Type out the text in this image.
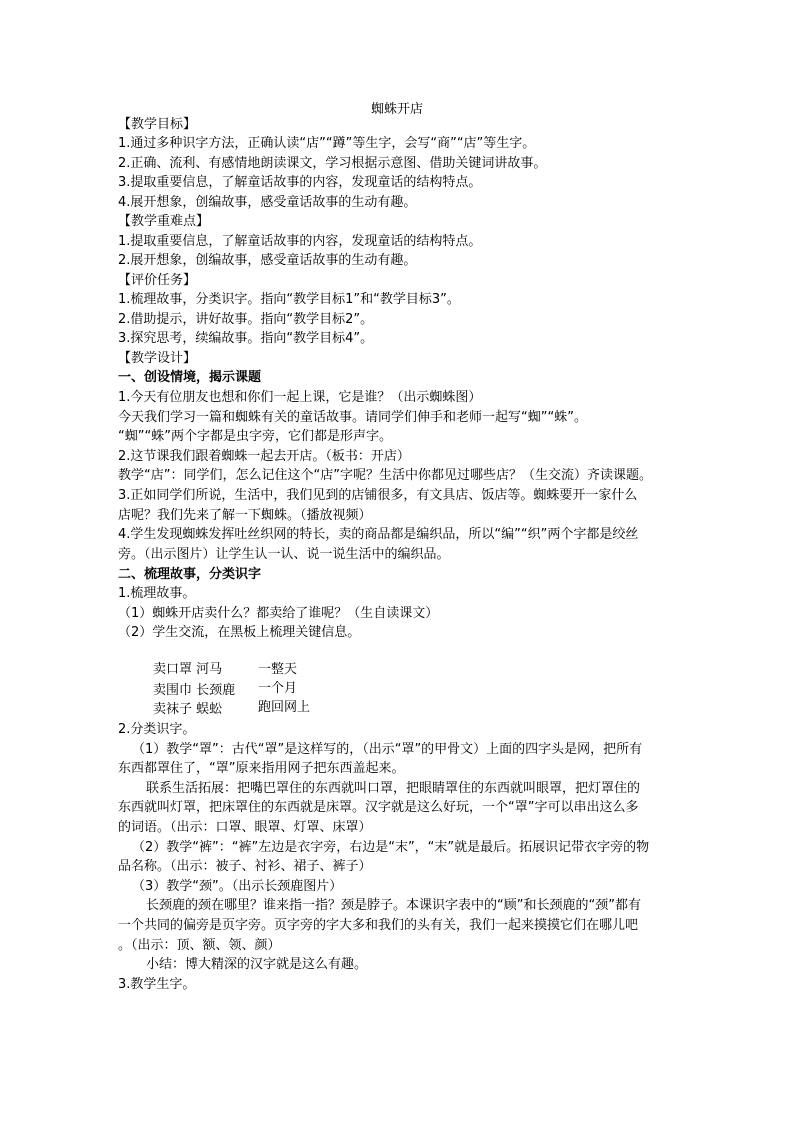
蜘蛛开店
【教学目标】
1.通过多种识字方法，正确认读“店”“蹲”等生字，会写“商”“店”等生字。
2.正确、流利、有感情地朗读课文，学习根据示意图、借助关键词讲故事。
3.提取重要信息，了解童话故事的内容，发现童话的结构特点。
4.展开想象，创编故事，感受童话故事的生动有趣。
【教学重难点】
1.提取重要信息，了解童话故事的内容，发现童话的结构特点。
2.展开想象，创编故事，感受童话故事的生动有趣。
【评价任务】
1.梳理故事，分类识字。指向“教学目标1”和“教学目标3”。
2.借助提示，讲好故事。指向“教学目标2”。
3.探究思考，续编故事。指向“教学目标4”。
【教学设计】
一、创设情境，揭示课题
1.今天有位朋友也想和你们一起上课，它是谁？（出示蜘蛛图）
今天我们学习一篇和蜘蛛有关的童话故事。请同学们伸手和老师一起写“蜘”“蛛”。
“蜘”“蛛”两个字都是虫字旁，它们都是形声字。
2.这节课我们跟着蜘蛛一起去开店。（板书：开店）
教学“店”：同学们，怎么记住这个“店”字呢？生活中你都见过哪些店？（生交流）齐读课题。
3.正如同学们所说，生活中，我们见到的店铺很多，有文具店、饭店等。蜘蛛要开一家什么
店呢？我们先来了解一下蜘蛛。（播放视频）
4.学生发现蜘蛛发挥吐丝织网的特长，卖的商品都是编织品，所以“编”“织”两个字都是绞丝
旁。（出示图片）让学生认一认、说一说生活中的编织品。
二、梳理故事，分类识字
1.梳理故事。
（1）蜘蛛开店卖什么？都卖给了谁呢？（生自读课文）
（2）学生交流，在黑板上梳理关键信息。
卖口罩 河马	一整天
卖围巾 长颈鹿 一个月
卖袜子 蜈蚣	跑回网上
2.分类识字。
（1）教学“罩”：古代“罩”是这样写的，（出示“罩”的甲骨文）上面的四字头是网，把所有
东西都罩住了，“罩”原来指用网子把东西盖起来。
联系生活拓展：把嘴巴罩住的东西就叫口罩，把眼睛罩住的东西就叫眼罩，把灯罩住的
东西就叫灯罩，把床罩住的东西就是床罩。汉字就是这么好玩，一个“罩”字可以串出这么多
的词语。（出示：口罩、眼罩、灯罩、床罩）
（2）教学“裤”：“裤”左边是衣字旁，右边是“末”，“末”就是最后。拓展识记带衣字旁的物
品名称。（出示：被子、衬衫、裙子、裤子）
（3）教学“颈”。（出示长颈鹿图片）
长颈鹿的颈在哪里？谁来指一指？颈是脖子。本课识字表中的“顾”和长颈鹿的“颈”都有
一个共同的偏旁是页字旁。页字旁的字大多和我们的头有关，我们一起来摸摸它们在哪儿吧
。（出示：顶、额、领、颜）
小结：博大精深的汉字就是这么有趣。
3.教学生字。
